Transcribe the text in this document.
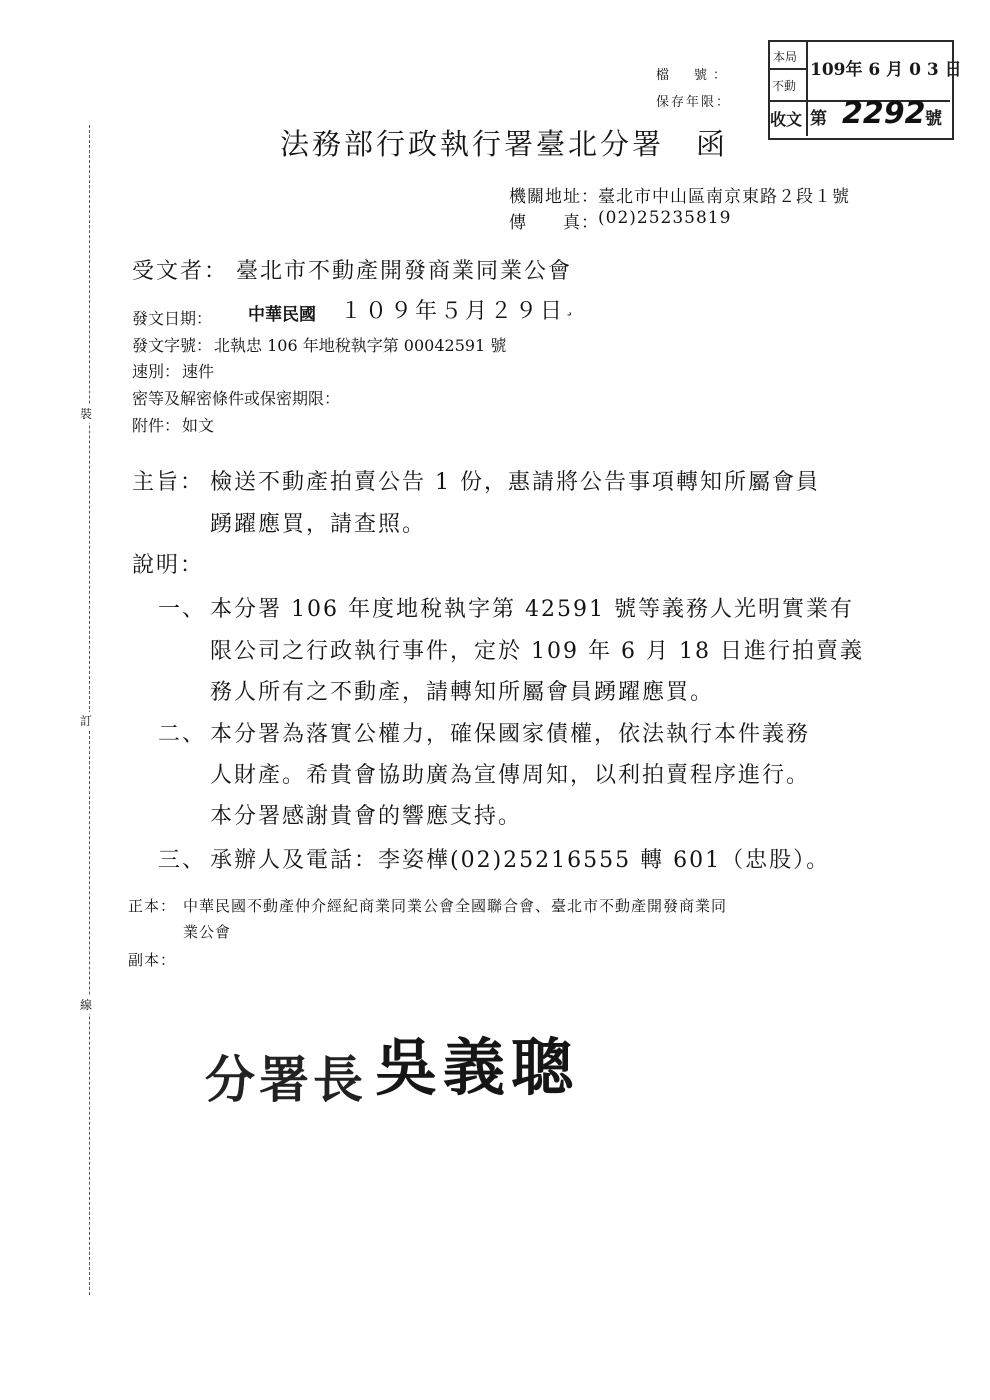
裝
訂
線
檔　號：
保存年限：
本局
109年 6 月 0 3 日
不動
收文 第 2292 號
法務部行政執行署臺北分署　函
機關地址： 臺北市中山區南京東路２段１號
傳　　真： (02)25235819
受文者： 臺北市不動產開發商業同業公會
發文日期： 中華民國 １０９年５月２９日 ¸
發文字號： 北執忠 106 年地稅執字第 00042591 號
速別： 速件
密等及解密條件或保密期限：
附件： 如文
主旨： 檢送不動產拍賣公告 1 份，惠請將公告事項轉知所屬會員
踴躍應買，請查照。
說明：
一、 本分署 106 年度地稅執字第 42591 號等義務人光明實業有
限公司之行政執行事件，定於 109 年 6 月 18 日進行拍賣義
務人所有之不動產，請轉知所屬會員踴躍應買。
二、 本分署為落實公權力，確保國家債權，依法執行本件義務
人財產。希貴會協助廣為宣傳周知，以利拍賣程序進行。
本分署感謝貴會的響應支持。
三、 承辦人及電話：李姿樺(02)25216555 轉 601（忠股）。
正本： 中華民國不動產仲介經紀商業同業公會全國聯合會、臺北市不動產開發商業同
業公會
副本：
分署長 吳義聰
